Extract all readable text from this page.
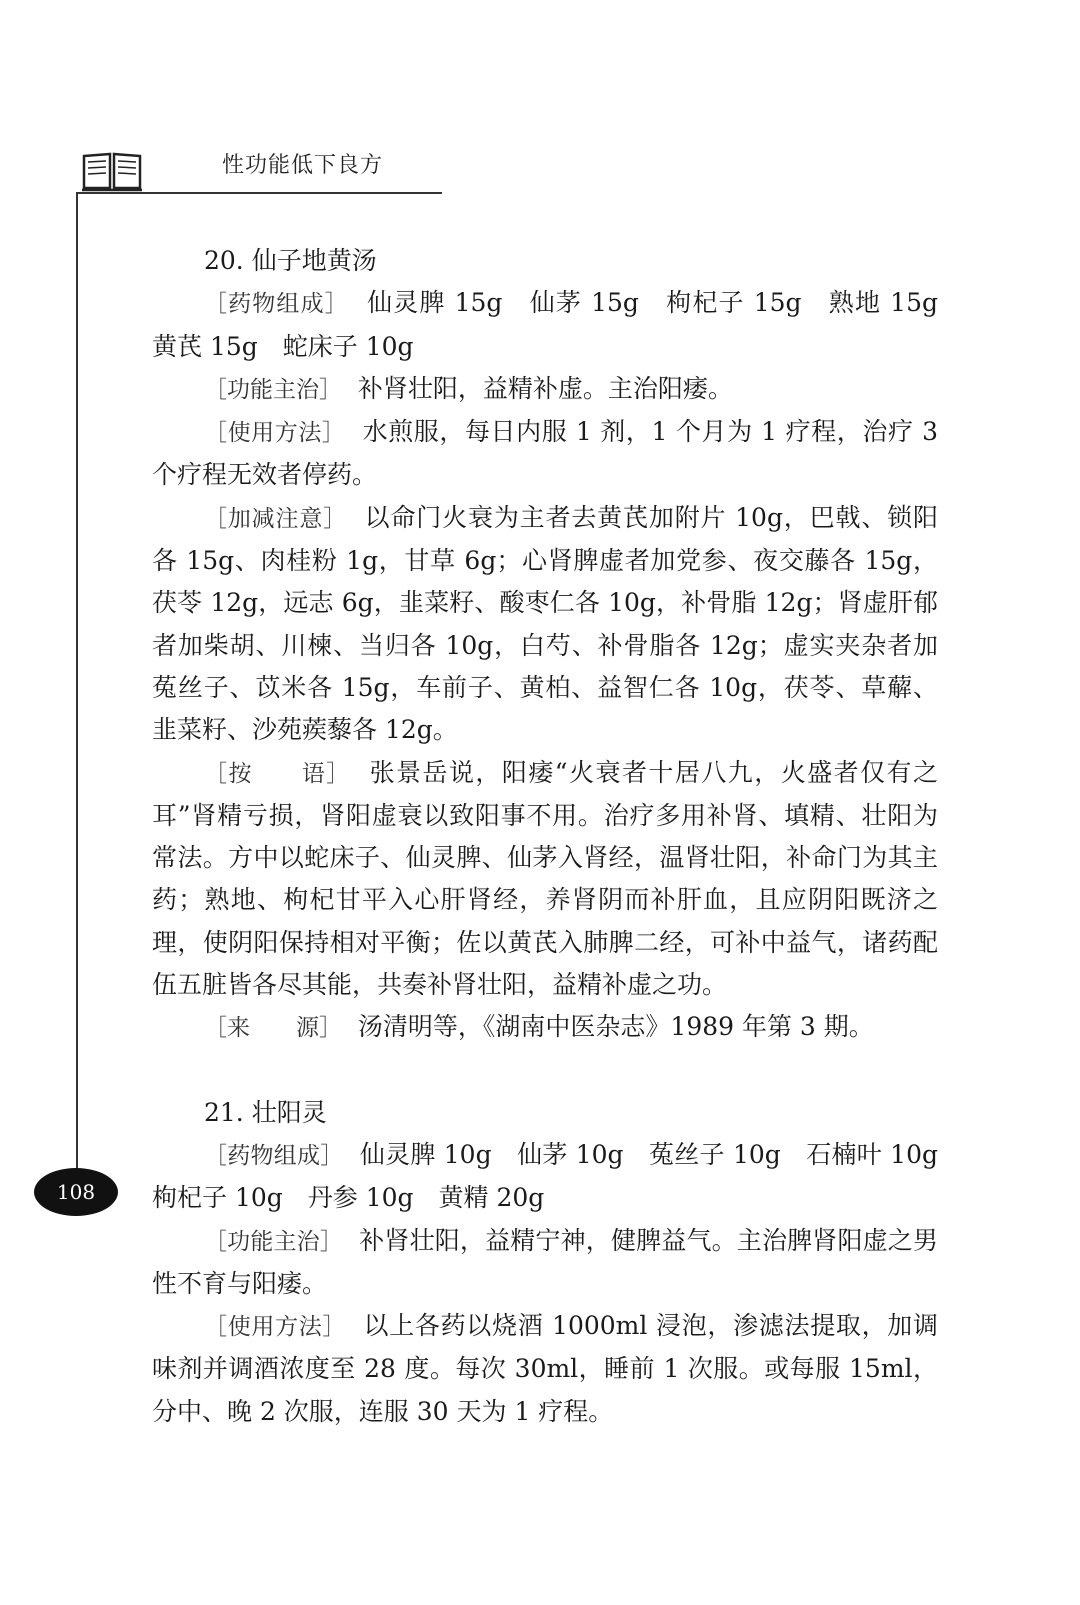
性功能低下良方
108
20. 仙子地黄汤

［药物组成］ 仙灵脾 15g　仙茅 15g　枸杞子 15g　熟地 15g　黄芪 15g　蛇床子 10g

［功能主治］ 补肾壮阳，益精补虚。主治阳痿。

［使用方法］ 水煎服，每日内服 1 剂，1 个月为 1 疗程，治疗 3 个疗程无效者停药。

［加减注意］ 以命门火衰为主者去黄芪加附片 10g，巴戟、锁阳各 15g、肉桂粉 1g，甘草 6g；心肾脾虚者加党参、夜交藤各 15g，茯苓 12g，远志 6g，韭菜籽、酸枣仁各 10g，补骨脂 12g；肾虚肝郁者加柴胡、川楝、当归各 10g，白芍、补骨脂各 12g；虚实夹杂者加菟丝子、苡米各 15g，车前子、黄柏、益智仁各 10g，茯苓、草薢、韭菜籽、沙苑蒺藜各 12g。

［按　　语］ 张景岳说，阳痿“火衰者十居八九，火盛者仅有之耳”肾精亏损，肾阳虚衰以致阳事不用。治疗多用补肾、填精、壮阳为常法。方中以蛇床子、仙灵脾、仙茅入肾经，温肾壮阳，补命门为其主药；熟地、枸杞甘平入心肝肾经，养肾阴而补肝血，且应阴阳既济之理，使阴阳保持相对平衡；佐以黄芪入肺脾二经，可补中益气，诸药配伍五脏皆各尽其能，共奏补肾壮阳，益精补虚之功。

［来　　源］ 汤清明等，《湖南中医杂志》1989 年第 3 期。

21. 壮阳灵

［药物组成］ 仙灵脾 10g　仙茅 10g　菟丝子 10g　石楠叶 10g　枸杞子 10g　丹参 10g　黄精 20g

［功能主治］ 补肾壮阳，益精宁神，健脾益气。主治脾肾阳虚之男性不育与阳痿。

［使用方法］ 以上各药以烧酒 1000ml 浸泡，渗滤法提取，加调味剂并调酒浓度至 28 度。每次 30ml，睡前 1 次服。或每服 15ml，分中、晚 2 次服，连服 30 天为 1 疗程。
